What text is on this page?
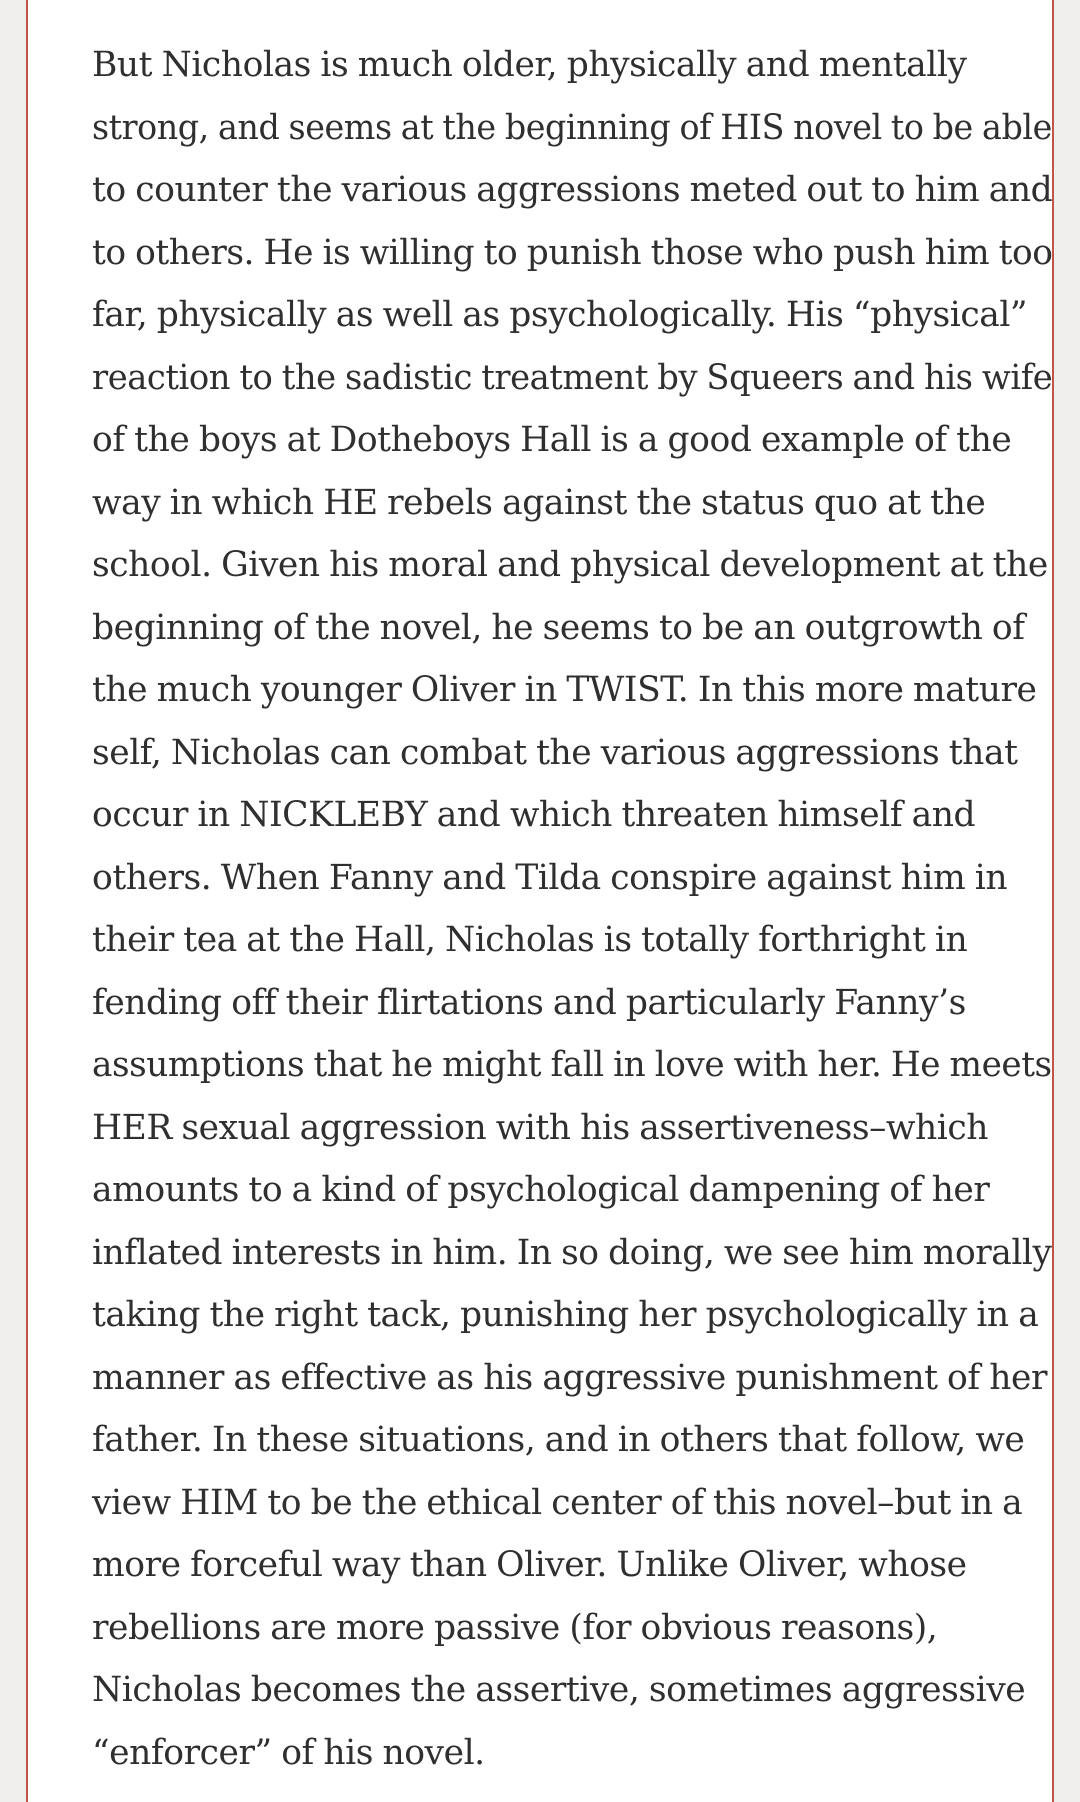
But Nicholas is much older, physically and mentally
strong, and seems at the beginning of HIS novel to be able
to counter the various aggressions meted out to him and
to others. He is willing to punish those who push him too
far, physically as well as psychologically. His “physical”
reaction to the sadistic treatment by Squeers and his wife
of the boys at Dotheboys Hall is a good example of the
way in which HE rebels against the status quo at the
school. Given his moral and physical development at the
beginning of the novel, he seems to be an outgrowth of
the much younger Oliver in TWIST. In this more mature
self, Nicholas can combat the various aggressions that
occur in NICKLEBY and which threaten himself and
others. When Fanny and Tilda conspire against him in
their tea at the Hall, Nicholas is totally forthright in
fending off their flirtations and particularly Fanny’s
assumptions that he might fall in love with her. He meets
HER sexual aggression with his assertiveness–which
amounts to a kind of psychological dampening of her
inflated interests in him. In so doing, we see him morally
taking the right tack, punishing her psychologically in a
manner as effective as his aggressive punishment of her
father. In these situations, and in others that follow, we
view HIM to be the ethical center of this novel–but in a
more forceful way than Oliver. Unlike Oliver, whose
rebellions are more passive (for obvious reasons),
Nicholas becomes the assertive, sometimes aggressive
“enforcer” of his novel.
